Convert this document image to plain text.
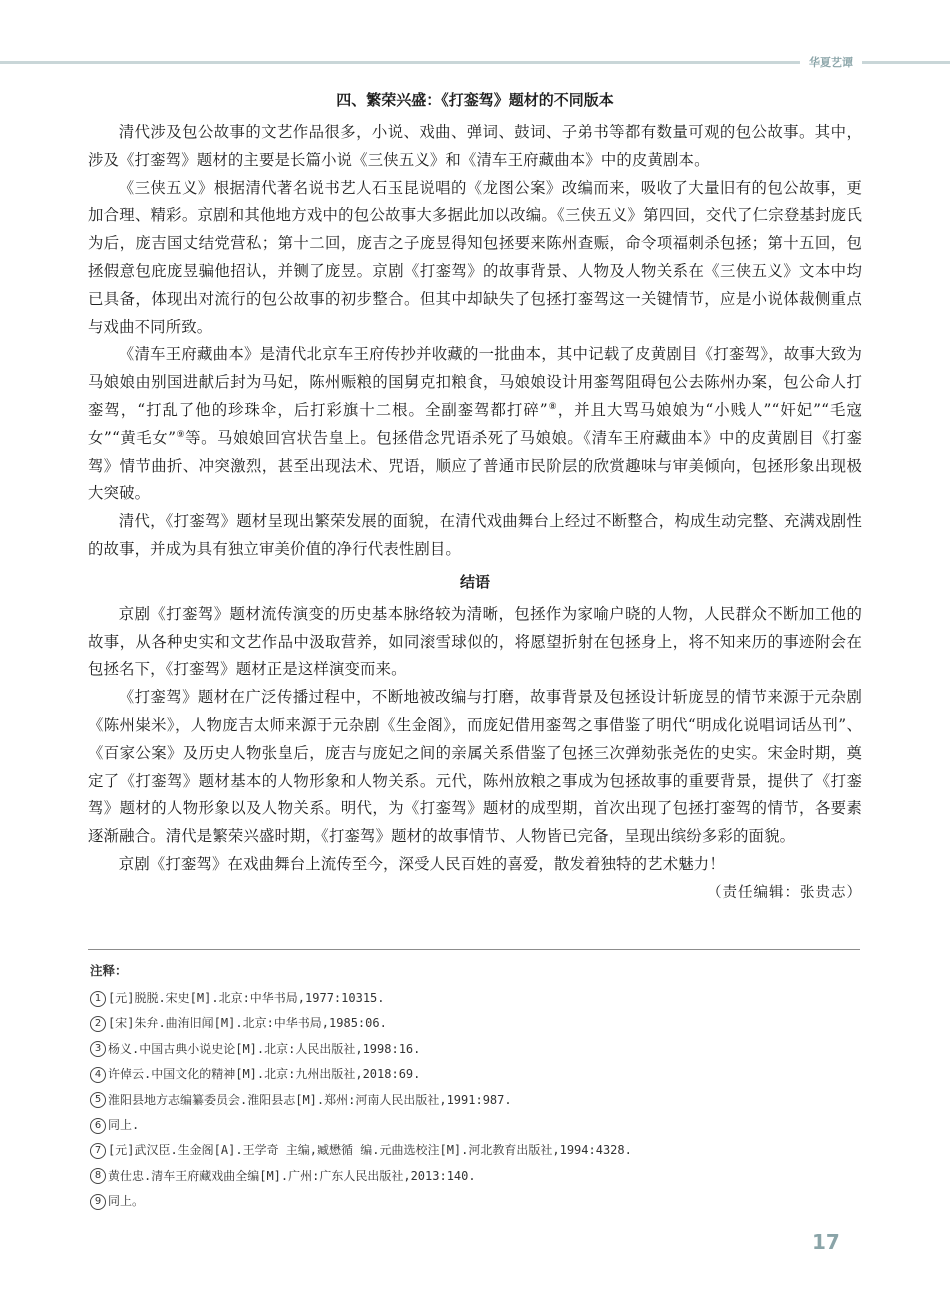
华夏艺谭
四、繁荣兴盛：《打銮驾》题材的不同版本

清代涉及包公故事的文艺作品很多，小说、戏曲、弹词、鼓词、子弟书等都有数量可观的包公故事。其中，涉及《打銮驾》题材的主要是长篇小说《三侠五义》和《清车王府藏曲本》中的皮黄剧本。

《三侠五义》根据清代著名说书艺人石玉昆说唱的《龙图公案》改编而来，吸收了大量旧有的包公故事，更加合理、精彩。京剧和其他地方戏中的包公故事大多据此加以改编。《三侠五义》第四回，交代了仁宗登基封庞氏为后，庞吉国丈结党营私；第十二回，庞吉之子庞昱得知包拯要来陈州查赈，命令项福刺杀包拯；第十五回，包拯假意包庇庞昱骗他招认，并铡了庞昱。京剧《打銮驾》的故事背景、人物及人物关系在《三侠五义》文本中均已具备，体现出对流行的包公故事的初步整合。但其中却缺失了包拯打銮驾这一关键情节，应是小说体裁侧重点与戏曲不同所致。

《清车王府藏曲本》是清代北京车王府传抄并收藏的一批曲本，其中记载了皮黄剧目《打銮驾》，故事大致为马娘娘由别国进献后封为马妃，陈州赈粮的国舅克扣粮食，马娘娘设计用銮驾阻碍包公去陈州办案，包公命人打銮驾，“打乱了他的珍珠伞，后打彩旗十二根。全副銮驾都打碎”⑧，并且大骂马娘娘为“小贱人”“奸妃”“毛寇女”“黄毛女”⑨等。马娘娘回宫状告皇上。包拯借念咒语杀死了马娘娘。《清车王府藏曲本》中的皮黄剧目《打銮驾》情节曲折、冲突激烈，甚至出现法术、咒语，顺应了普通市民阶层的欣赏趣味与审美倾向，包拯形象出现极大突破。

清代，《打銮驾》题材呈现出繁荣发展的面貌，在清代戏曲舞台上经过不断整合，构成生动完整、充满戏剧性的故事，并成为具有独立审美价值的净行代表性剧目。

结语

京剧《打銮驾》题材流传演变的历史基本脉络较为清晰，包拯作为家喻户晓的人物，人民群众不断加工他的故事，从各种史实和文艺作品中汲取营养，如同滚雪球似的，将愿望折射在包拯身上，将不知来历的事迹附会在包拯名下，《打銮驾》题材正是这样演变而来。

《打銮驾》题材在广泛传播过程中，不断地被改编与打磨，故事背景及包拯设计斩庞昱的情节来源于元杂剧《陈州粜米》，人物庞吉太师来源于元杂剧《生金阁》，而庞妃借用銮驾之事借鉴了明代“明成化说唱词话丛刊”、《百家公案》及历史人物张皇后，庞吉与庞妃之间的亲属关系借鉴了包拯三次弹劾张尧佐的史实。宋金时期，奠定了《打銮驾》题材基本的人物形象和人物关系。元代，陈州放粮之事成为包拯故事的重要背景，提供了《打銮驾》题材的人物形象以及人物关系。明代，为《打銮驾》题材的成型期，首次出现了包拯打銮驾的情节，各要素逐渐融合。清代是繁荣兴盛时期，《打銮驾》题材的故事情节、人物皆已完备，呈现出缤纷多彩的面貌。

京剧《打銮驾》在戏曲舞台上流传至今，深受人民百姓的喜爱，散发着独特的艺术魅力！

（责任编辑：张贵志）
注释：
1 [元]脱脱.宋史[M].北京:中华书局,1977:10315.
2 [宋]朱弁.曲洧旧闻[M].北京:中华书局,1985:06.
3 杨义.中国古典小说史论[M].北京:人民出版社,1998:16.
4 许倬云.中国文化的精神[M].北京:九州出版社,2018:69.
5 淮阳县地方志编纂委员会.淮阳县志[M].郑州:河南人民出版社,1991:987.
6 同上.
7 [元]武汉臣.生金阁[A].王学奇 主编,臧懋循 编.元曲选校注[M].河北教育出版社,1994:4328.
8 黄仕忠.清车王府藏戏曲全编[M].广州:广东人民出版社,2013:140.
9 同上。
17
